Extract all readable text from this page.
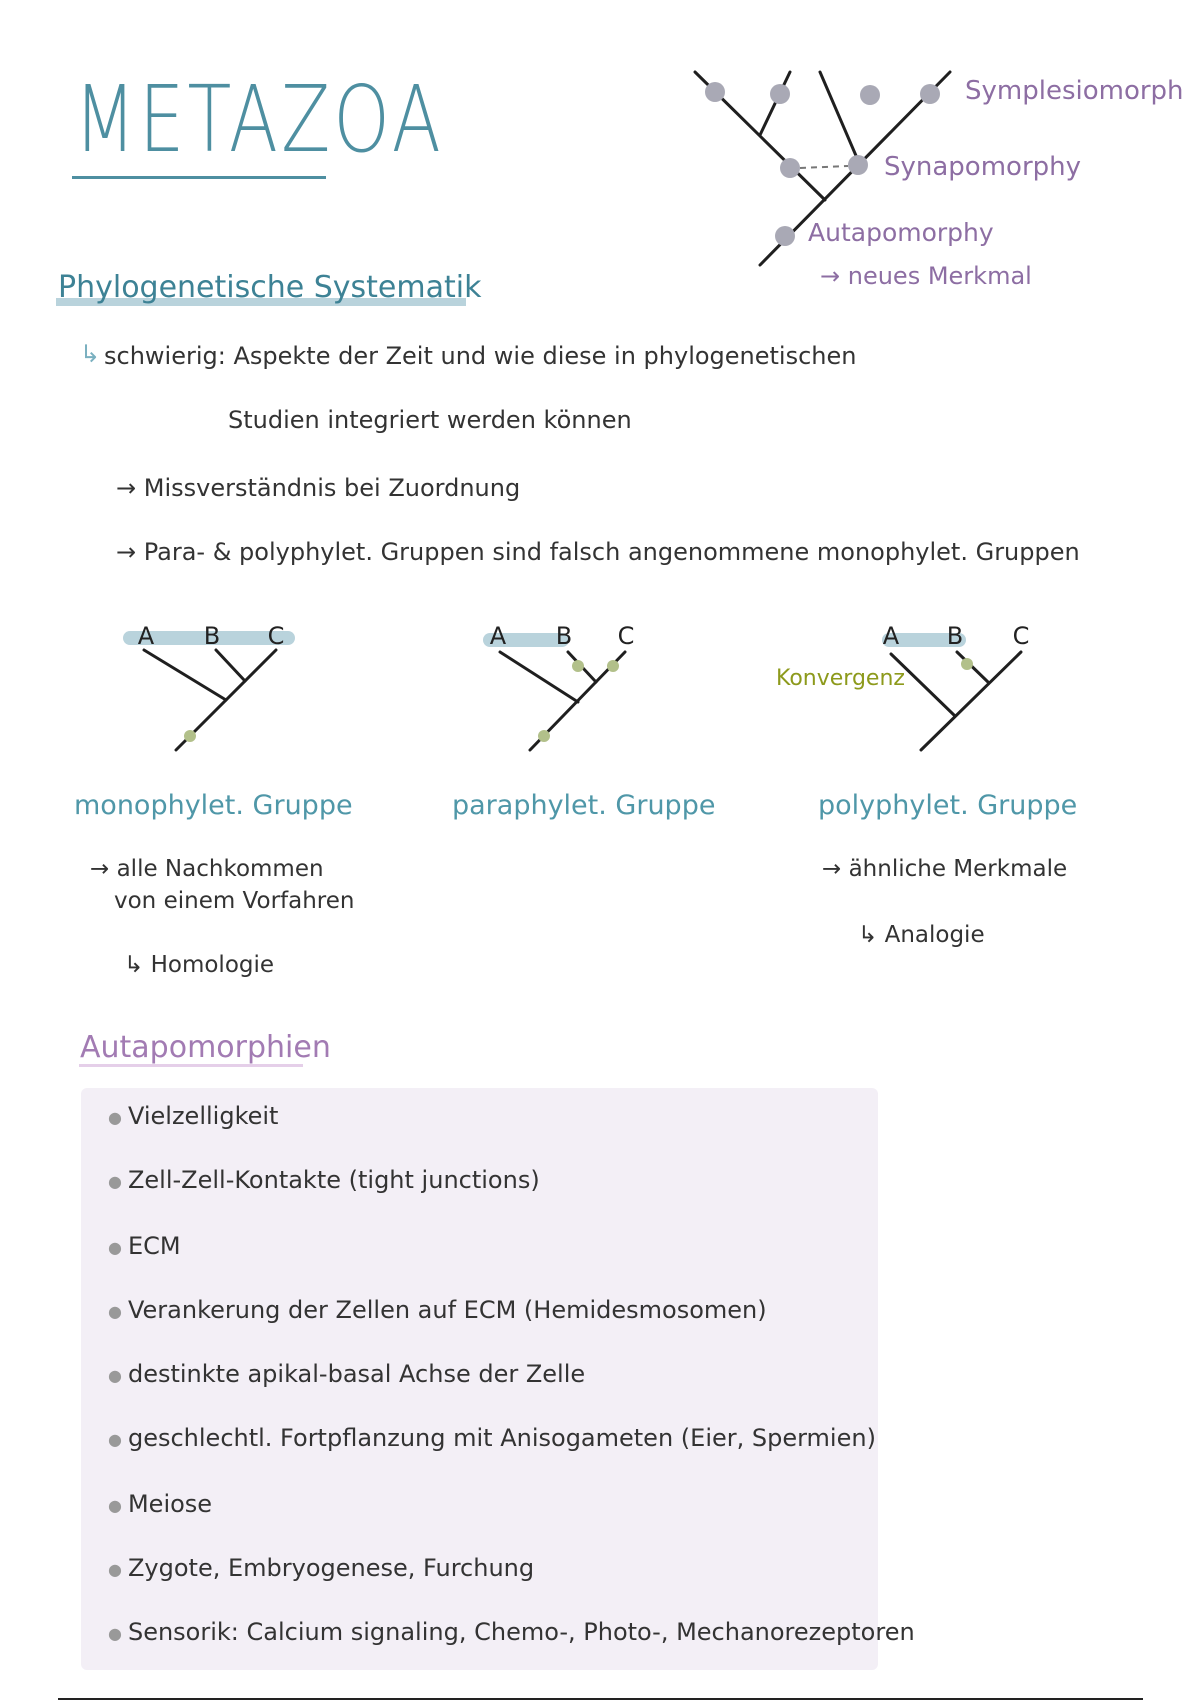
METAZOA	Symplesiomorph
Synapomorphy
Autapomorphy
→ neues Merkmal
Phylogenetische Systematik
↳ schwierig: Aspekte der Zeit und wie diese in phylogenetischen
Studien integriert werden können
→ Missverständnis bei Zuordnung
→ Para- & polyphylet. Gruppen sind falsch angenommene monophylet. Gruppen
A B C	A B C
Konvergenz
A B C
monophylet. Gruppe	paraphylet. Gruppe	polyphylet. Gruppe
→ alle Nachkommen
von einem Vorfahren
↳ Homologie
→ ähnliche Merkmale
↳ Analogie
Autapomorphien
● Vielzelligkeit
● Zell-Zell-Kontakte (tight junctions)
● ECM
● Verankerung der Zellen auf ECM (Hemidesmosomen)
● destinkte apikal-basal Achse der Zelle
● geschlechtl. Fortpflanzung mit Anisogameten (Eier, Spermien)
● Meiose
● Zygote, Embryogenese, Furchung
● Sensorik: Calcium signaling, Chemo-, Photo-, Mechanorezeptoren
